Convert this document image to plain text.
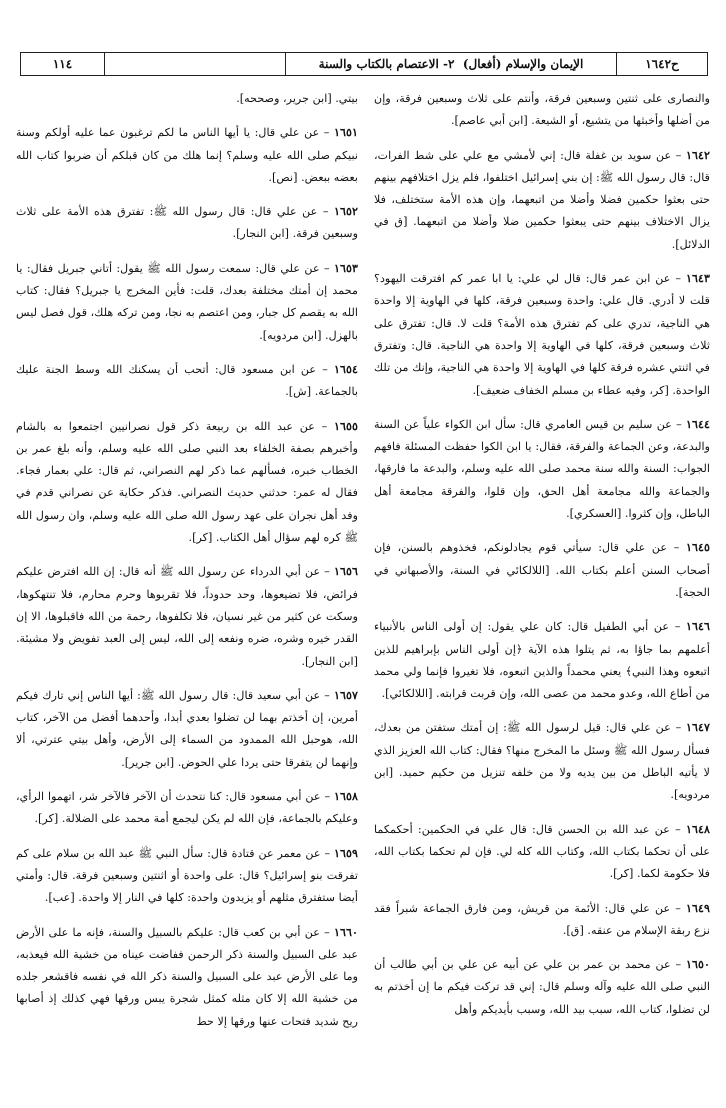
ح١٦٤٢
الإيمان والإسلام (أفعال)

٢- الاعتصام بالكتاب والسنة
١١٤

والنصارى على ثنتين وسبعين فرقة، وأنتم على ثلاث وسبعين فرقة، وإن من أضلها وأخبثها من يتشيع، أو الشيعة. [ابن أبي عاصم].

١٦٤٢ – عن سويد بن غفلة قال: إني لأمشي مع علي على شط الفرات، قال: قال رسول الله ﷺ: إن بني إسرائيل اختلفوا، فلم يزل اختلافهم بينهم حتى بعثوا حكمين فضلا وأضلا من اتبعهما، وإن هذه الأمة ستختلف، فلا يزال الاختلاف بينهم حتى يبعثوا حكمين ضلا وأضلا من اتبعهما. [ق في الدلائل].

١٦٤٣ – عن ابن عمر قال: قال لي علي: يا ابا عمر كم افترقت اليهود؟ قلت لا أدري. قال علي: واحدة وسبعين فرقة، كلها في الهاوية إلا واحدة هي الناجية، تدري على كم تفترق هذه الأمة؟ قلت لا. قال: تفترق على ثلاث وسبعين فرقة، كلها في الهاوية إلا واحدة هي الناجية. قال: وتفترق في اثنتي عشره فرقة كلها في الهاوية إلا واحدة هي الناجية، وإنك من تلك الواحدة. [كر، وفيه عطاء بن مسلم الخفاف ضعيف].

١٦٤٤ – عن سليم بن قيس العامري قال: سأل ابن الكواء علياً عن السنة والبدعة، وعن الجماعة والفرقة، فقال: يا ابن الكوا حفظت المسئلة فافهم الجواب: السنة والله سنة محمد صلى الله عليه وسلم، والبدعة ما فارقها، والجماعة والله مجامعة أهل الحق، وإن قلوا، والفرقة مجامعة أهل الباطل، وإن كثروا. [العسكري].

١٦٤٥ – عن علي قال: سيأتي قوم يجادلونكم، فخذوهم بالسنن، فإن أصحاب السنن أعلم بكتاب الله. [اللالكائي في السنة، والأصبهاني في الحجة].

١٦٤٦ – عن أبي الطفيل قال: كان علي يقول: إن أولى الناس بالأنبياء أعلمهم بما جاؤا به، ثم يتلوا هذه الآية ﴿إن أولى الناس بإبراهيم للذين اتبعوه وهذا النبي﴾ يعني محمداً والذين اتبعوه، فلا تغيروا فإنما ولي محمد من أطاع الله، وعدو محمد من عصى الله، وإن قربت قرابته. [اللالكائي].

١٦٤٧ – عن علي قال: قيل لرسول الله ﷺ: إن أمتك ستفتن من بعدك، فسأل رسول الله ﷺ وسئل ما المخرج منها؟ فقال: كتاب الله العزيز الذي لا يأتيه الباطل من بين يديه ولا من خلفه تنزيل من حكيم حميد. [ابن مردويه].

١٦٤٨ – عن عبد الله بن الحسن قال: قال علي في الحكمين: أحكمكما على أن تحكما بكتاب الله، وكتاب الله كله لي. فإن لم تحكما بكتاب الله، فلا حكومة لكما. [كر].

١٦٤٩ – عن علي قال: الأئمة من قريش، ومن فارق الجماعة شبراً فقد نزع ربقة الإسلام من عنقه. [ق].

١٦٥٠ – عن محمد بن عمر بن علي عن أبيه عن علي بن أبي طالب أن النبي صلى الله عليه وآله وسلم قال: إني قد تركت فيكم ما إن أخذتم به لن تضلوا، كتاب الله، سبب بيد الله، وسبب بأيديكم وأهل

بيتي. [ابن جرير، وصححه].

١٦٥١ – عن علي قال: يا أيها الناس ما لكم ترغبون عما عليه أولكم وسنة نبيكم صلى الله عليه وسلم؟ إنما هلك من كان قبلكم أن ضربوا كتاب الله بعضه ببعض. [نص].

١٦٥٢ – عن علي قال: قال رسول الله ﷺ: تفترق هذه الأمة على ثلاث وسبعين فرقة. [ابن النجار].

١٦٥٣ – عن علي قال: سمعت رسول الله ﷺ يقول: أتاني جبريل فقال: يا محمد إن أمتك مختلفة بعدك، قلت: فأين المخرج يا جبريل؟ فقال: كتاب الله به يقصم كل جبار، ومن اعتصم به نجا، ومن تركه هلك، قول فصل ليس بالهزل. [ابن مردويه].

١٦٥٤ – عن ابن مسعود قال: أتحب أن يسكنك الله وسط الجنة عليك بالجماعة. [ش].

١٦٥٥ – عن عبد الله بن ربيعة ذكر قول نصرانيين اجتمعوا به بالشام وأخبرهم بصفة الخلفاء بعد النبي صلى الله عليه وسلم، وأنه بلغ عمر بن الخطاب خبره، فسألهم عما ذكر لهم النصراني، ثم قال: علي بعمار فجاء. فقال له عمر: حدثني حديث النصراني. فذكر حكاية عن نصراني قدم في وفد أهل نجران على عهد رسول الله صلى الله عليه وسلم، وان رسول الله ﷺ كره لهم سؤال أهل الكتاب. [كر].

١٦٥٦ – عن أبي الدرداء عن رسول الله ﷺ أنه قال: إن الله افترض عليكم فرائض، فلا تضيعوها، وحد حدوداً، فلا تقربوها وحرم محارم، فلا تنتهكوها، وسكت عن كثير من غير نسيان، فلا تكلفوها، رحمة من الله فاقبلوها، الا إن القدر خيره وشره، ضره ونفعه إلى الله، ليس إلى العبد تفويض ولا مشيئة. [ابن النجار].

١٦٥٧ – عن أبي سعيد قال: قال رسول الله ﷺ: أيها الناس إني تارك فيكم أمرين، إن أخذتم بهما لن تضلوا بعدي أبدا، وأحدهما أفضل من الآخر، كتاب الله، هوحبل الله الممدود من السماء إلى الأرض، وأهل بيتي عترتي، ألا وإنهما لن يتفرقا حتى يردا علي الحوض. [ابن جرير].

١٦٥٨ – عن أبي مسعود قال: كنا نتحدث أن الآخر فالآخر شر، اتهموا الرأي، وعليكم بالجماعة، فإن الله لم يكن ليجمع أمة محمد على الضلالة. [كر].

١٦٥٩ – عن معمر عن قتادة قال: سأل النبي ﷺ عبد الله بن سلام على كم تفرقت بنو إسرائيل؟ قال: على واحدة أو اثنتين وسبعين فرقة. قال: وأمتي أيضا ستفترق مثلهم أو يزيدون واحدة: كلها في النار إلا واحدة. [عب].

١٦٦٠ – عن أبي بن كعب قال: عليكم بالسبيل والسنة، فإنه ما على الأرض عبد على السبيل والسنة ذكر الرحمن ففاضت عيناه من خشية الله فيعذبه، وما على الأرض عبد على السبيل والسنة ذكر الله في نفسه فاقشعر جلده من خشية الله إلا كان مثله كمثل شجرة يبس ورقها فهي كذلك إذ أصابها ريح شديد فتحات عنها ورقها إلا حط
